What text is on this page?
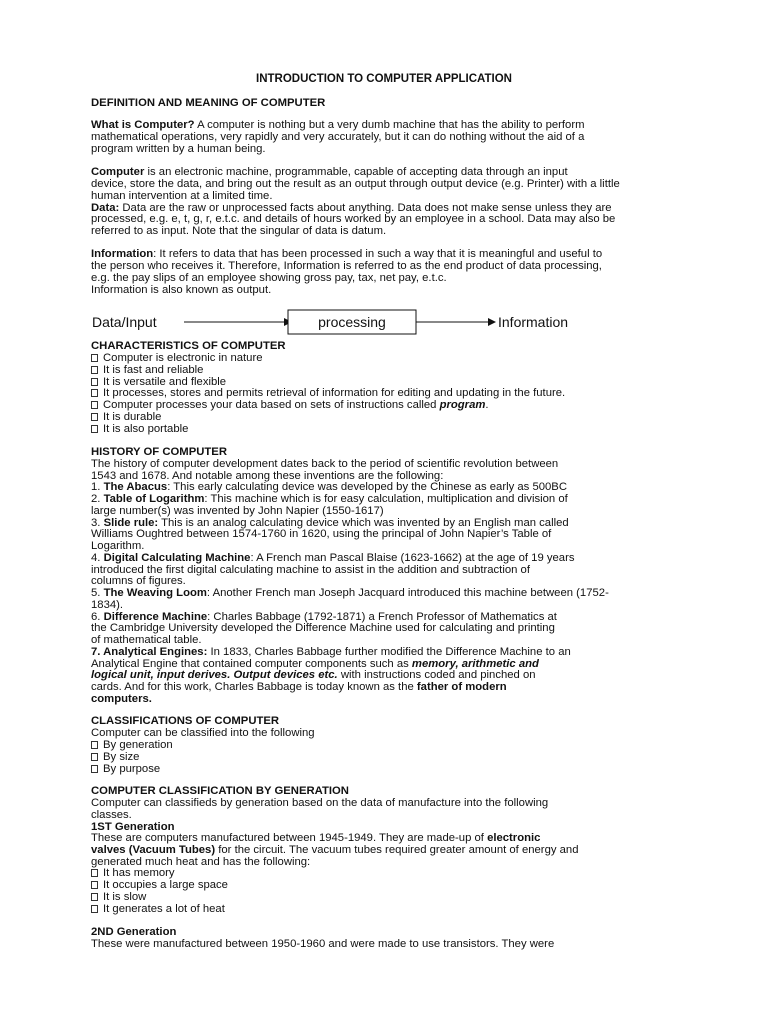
INTRODUCTION TO COMPUTER APPLICATION
DEFINITION AND MEANING OF COMPUTER
What is Computer? A computer is nothing but a very dumb machine that has the ability to perform
mathematical operations, very rapidly and very accurately, but it can do nothing without the aid of a
program written by a human being.
Computer is an electronic machine, programmable, capable of accepting data through an input
device, store the data, and bring out the result as an output through output device (e.g. Printer) with a little
human intervention at a limited time.
Data: Data are the raw or unprocessed facts about anything. Data does not make sense unless they are
processed, e.g. e, t, g, r, e.t.c. and details of hours worked by an employee in a school. Data may also be
referred to as input. Note that the singular of data is datum.
Information: It refers to data that has been processed in such a way that it is meaningful and useful to
the person who receives it. Therefore, Information is referred to as the end product of data processing,
e.g. the pay slips of an employee showing gross pay, tax, net pay, e.t.c.
Information is also known as output.
Data/Input	processing	Information
CHARACTERISTICS OF COMPUTER
Computer is electronic in nature
It is fast and reliable
It is versatile and flexible
It processes, stores and permits retrieval of information for editing and updating in the future.
Computer processes your data based on sets of instructions called program.
It is durable
It is also portable
HISTORY OF COMPUTER
The history of computer development dates back to the period of scientific revolution between
1543 and 1678. And notable among these inventions are the following:
1. The Abacus: This early calculating device was developed by the Chinese as early as 500BC
2. Table of Logarithm: This machine which is for easy calculation, multiplication and division of
large number(s) was invented by John Napier (1550-1617)
3. Slide rule: This is an analog calculating device which was invented by an English man called
Williams Oughtred between 1574-1760 in 1620, using the principal of John Napier’s Table of
Logarithm.
4. Digital Calculating Machine: A French man Pascal Blaise (1623-1662) at the age of 19 years
introduced the first digital calculating machine to assist in the addition and subtraction of
columns of figures.
5. The Weaving Loom: Another French man Joseph Jacquard introduced this machine between (1752-
1834).
6. Difference Machine: Charles Babbage (1792-1871) a French Professor of Mathematics at
the Cambridge University developed the Difference Machine used for calculating and printing
of mathematical table.
7. Analytical Engines: In 1833, Charles Babbage further modified the Difference Machine to an
Analytical Engine that contained computer components such as memory, arithmetic and
logical unit, input derives. Output devices etc. with instructions coded and pinched on
cards. And for this work, Charles Babbage is today known as the father of modern
computers.
CLASSIFICATIONS OF COMPUTER
Computer can be classified into the following
By generation
By size
By purpose
COMPUTER CLASSIFICATION BY GENERATION
Computer can classifieds by generation based on the data of manufacture into the following
classes.
1ST Generation
These are computers manufactured between 1945-1949. They are made-up of electronic
valves (Vacuum Tubes) for the circuit. The vacuum tubes required greater amount of energy and
generated much heat and has the following:
It has memory
It occupies a large space
It is slow
It generates a lot of heat
2ND Generation
These were manufactured between 1950-1960 and were made to use transistors. They were
